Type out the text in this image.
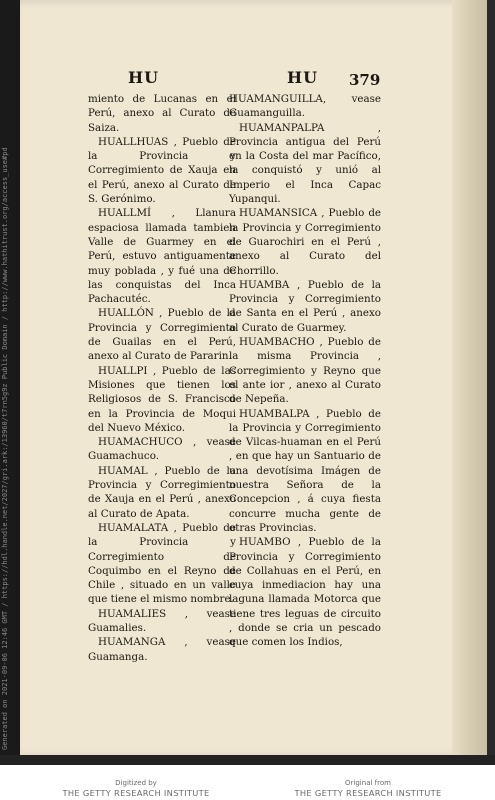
Generated on 2021-09-06 12:46 GMT / https://hdl.handle.net/2027/gri.ark:/13960/t7rn5g9z Public Domain / http://www.hathitrust.org/access_use#pd
HU	HU 379

miento de Lucanas en el Perú, anexo al Curato de Saiza.

HUALLHUAS , Pueblo de la Provincia y Corregimiento de Xauja en el Perú, anexo al Curato de S. Gerónimo.

HUALLMÍ , Llanura espaciosa llamada tambien Valle de Guarmey en el Perú, estuvo antiguamente muy poblada , y fué una de las conquistas del Inca Pachacutéc.

HUALLÓN , Pueblo de la Provincia y Corregimiento de Guailas en el Perú, anexo al Curato de Pararin.

HUALLPI , Pueblo de las Misiones que tienen los Religiosos de S. Francisco en la Provincia de Moqui del Nuevo México.

HUAMACHUCO , vease Guamachuco.

HUAMAL , Pueblo de la Provincia y Corregimiento de Xauja en el Perú , anexo al Curato de Apata.

HUAMALATA , Pueblo de la Provincia y Corregimiento de Coquimbo en el Reyno de Chile , situado en un valle que tiene el mismo nombre.

HUAMALIES , vease Guamalies.

HUAMANGA , vease Guamanga.

HUAMANGUILLA, vease Guamanguilla.

HUAMANPALPA , Provincia antigua del Perú en la Costa del mar Pacífico, la conquistó y unió al Imperio el Inca Capac Yupanqui.

HUAMANSICA , Pueblo de la Provincia y Corregimiento de Guarochiri en el Perú , anexo al Curato del Chorrillo.

HUAMBA , Pueblo de la Provincia y Corregimiento de Santa en el Perú , anexo al Curato de Guarmey.

HUAMBACHO , Pueblo de la misma Provincia , Corregimiento y Reyno que el ante ior , anexo al Curato de Nepeña.

HUAMBALPA , Pueblo de la Provincia y Corregimiento de Vilcas-huaman en el Perú , en que hay un Santuario de una devotísima Imágen de nuestra Señora de la Concepcion , á cuya fiesta concurre mucha gente de otras Provincias.

HUAMBO , Pueblo de la Provincia y Corregimiento de Collahuas en el Perú, en cuya inmediacion hay una laguna llamada Motorca que tiene tres leguas de circuito , donde se cria un pescado que comen los Indios,

Digitized by
THE GETTY RESEARCH INSTITUTE
Original from
THE GETTY RESEARCH INSTITUTE
